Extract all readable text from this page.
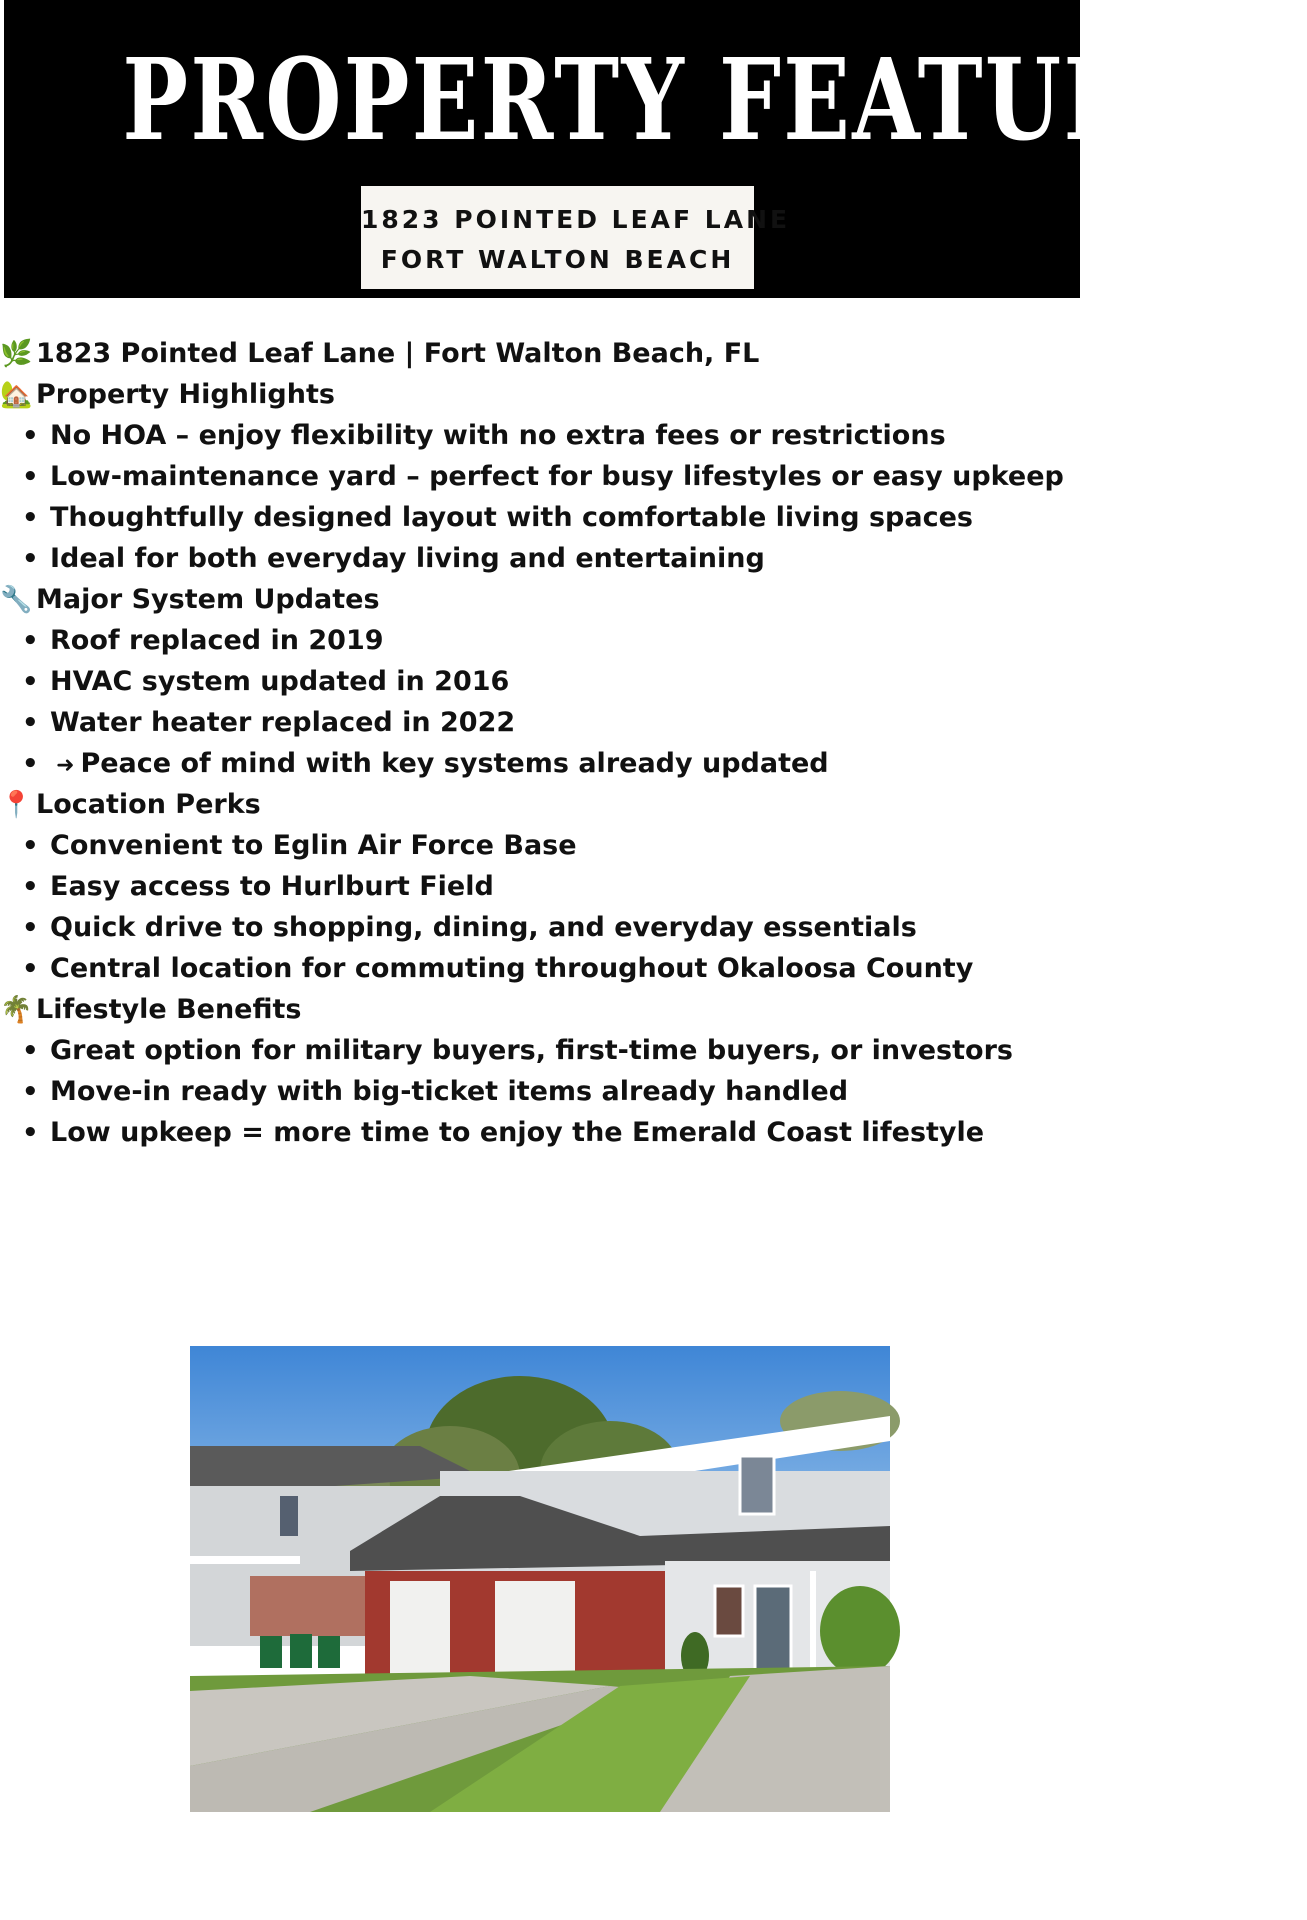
PROPERTY FEATURES:
1823 POINTED LEAF LANE
FORT WALTON BEACH
🌿 1823 Pointed Leaf Lane | Fort Walton Beach, FL
🏡 Property Highlights
• No HOA – enjoy flexibility with no extra fees or restrictions
• Low-maintenance yard – perfect for busy lifestyles or easy upkeep
• Thoughtfully designed layout with comfortable living spaces
• Ideal for both everyday living and entertaining
🔧 Major System Updates
• Roof replaced in 2019
• HVAC system updated in 2016
• Water heater replaced in 2022
• ➜ Peace of mind with key systems already updated
📍 Location Perks
• Convenient to Eglin Air Force Base
• Easy access to Hurlburt Field
• Quick drive to shopping, dining, and everyday essentials
• Central location for commuting throughout Okaloosa County
🌴 Lifestyle Benefits
• Great option for military buyers, first-time buyers, or investors
• Move-in ready with big-ticket items already handled
• Low upkeep = more time to enjoy the Emerald Coast lifestyle
